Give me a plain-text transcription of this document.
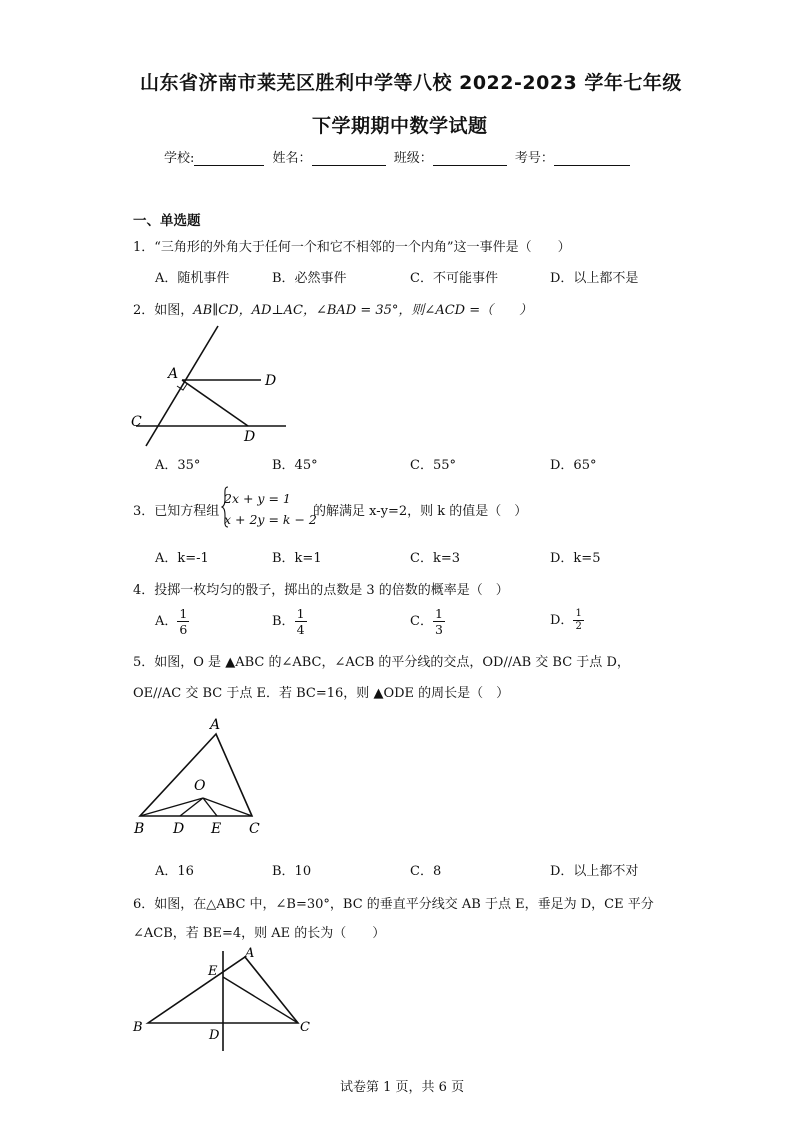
山东省济南市莱芜区胜利中学等八校 2022-2023 学年七年级
下学期期中数学试题
学校:	姓名：	班级：	考号：
一、单选题
1．“三角形的外角大于任何一个和它不相邻的一个内角”这一事件是（　　）
A．随机事件	B．必然事件	C．不可能事件	D．以上都不是
2．如图，AB∥CD，AD⊥AC，∠BAD = 35°，则∠ACD =（　　）
A	D
C
D
A．35°	B．45°	C．55°	D．65°
3．已知方程组
2x + y = 1
x + 2y = k − 2
的解满足 x-y=2，则 k 的值是（　）
A．k=-1	B．k=1	C．k=3	D．k=5
4．投掷一枚均匀的骰子，掷出的点数是 3 的倍数的概率是（　）
A． $\frac{1}{6}$	B． $\frac{1}{4}$	C． $\frac{1}{3}$	D． $\frac{1}{2}$
5．如图，O 是 ▲ABC 的∠ABC，∠ACB 的平分线的交点，OD//AB 交 BC 于点 D，
OE//AC 交 BC 于点 E．若 BC=16，则 ▲ODE 的周长是（　）
A
O
B D E C
A．16	B．10	C．8	D．以上都不对
6．如图，在△ABC 中，∠B=30°，BC 的垂直平分线交 AB 于点 E，垂足为 D，CE 平分
∠ACB，若 BE=4，则 AE 的长为（　　）
A
E
B
D
C
试卷第 1 页，共 6 页
